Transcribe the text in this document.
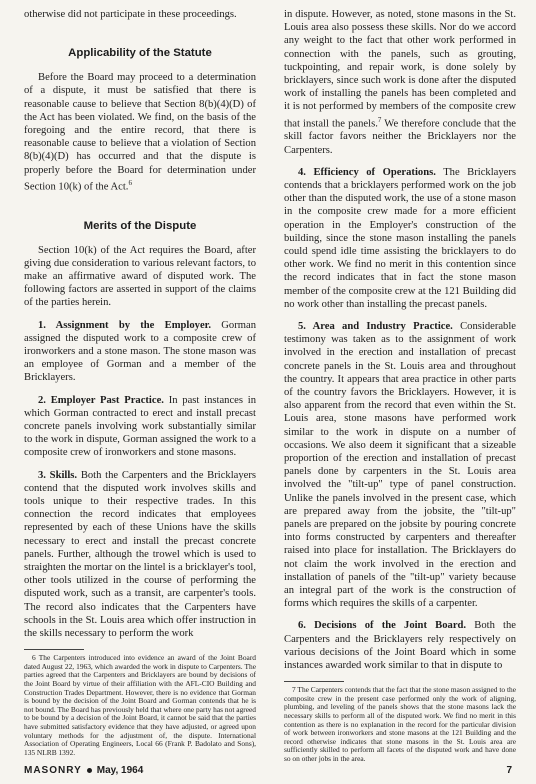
otherwise did not participate in these proceedings.

Applicability of the Statute

Before the Board may proceed to a determination of a dispute, it must be satisfied that there is reasonable cause to believe that Section 8(b)(4)(D) of the Act has been violated. We find, on the basis of the foregoing and the entire record, that there is reasonable cause to believe that a violation of Section 8(b)(4)(D) has occurred and that the dispute is properly before the Board for determination under Section 10(k) of the Act.$^6$

Merits of the Dispute

Section 10(k) of the Act requires the Board, after giving due consideration to various relevant factors, to make an affirmative award of disputed work. The following factors are asserted in support of the claims of the parties herein.

1. Assignment by the Employer. Gorman assigned the disputed work to a composite crew of ironworkers and a stone mason. The stone mason was an employee of Gorman and a member of the Bricklayers.

2. Employer Past Practice. In past instances in which Gorman contracted to erect and install precast concrete panels involving work substantially similar to the work in dispute, Gorman assigned the work to a composite crew of ironworkers and stone masons.

3. Skills. Both the Carpenters and the Bricklayers contend that the disputed work involves skills and tools unique to their respective trades. In this connection the record indicates that employees represented by each of these Unions have the skills necessary to erect and install the precast concrete panels. Further, although the trowel which is used to straighten the mortar on the lintel is a bricklayer's tool, other tools utilized in the course of performing the disputed work, such as a transit, are carpenter's tools. The record also indicates that the Carpenters have schools in the St. Louis area which offer instruction in the skills necessary to perform the work

6 The Carpenters introduced into evidence an award of the Joint Board dated August 22, 1963, which awarded the work in dispute to Carpenters. The parties agreed that the Carpenters and Bricklayers are bound by decisions of the Joint Board by virtue of their affiliation with the AFL-CIO Building and Construction Trades Department. However, there is no evidence that Gorman is bound by the decision of the Joint Board and Gorman contends that he is not bound. The Board has previously held that where one party has not agreed to be bound by a decision of the Joint Board, it cannot be said that the parties have submitted satisfactory evidence that they have adjusted, or agreed upon voluntary methods for the adjustment of, the dispute. International Association of Operating Engineers, Local 66 (Frank P. Badolato and Sons), 135 NLRB 1392.

in dispute. However, as noted, stone masons in the St. Louis area also possess these skills. Nor do we accord any weight to the fact that other work performed in connection with the panels, such as grouting, tuckpointing, and repair work, is done solely by bricklayers, since such work is done after the disputed work of installing the panels has been completed and it is not performed by members of the composite crew that install the panels.$^7$ We therefore conclude that the skill factor favors neither the Bricklayers nor the Carpenters.

4. Efficiency of Operations. The Bricklayers contends that a bricklayers performed work on the job other than the disputed work, the use of a stone mason in the composite crew made for a more efficient operation in the Employer's construction of the building, since the stone mason installing the panels could spend idle time assisting the bricklayers to do other work. We find no merit in this contention since the record indicates that in fact the stone mason member of the composite crew at the 121 Building did no work other than installing the precast panels.

5. Area and Industry Practice. Considerable testimony was taken as to the assignment of work involved in the erection and installation of precast concrete panels in the St. Louis area and throughout the country. It appears that area practice in other parts of the country favors the Bricklayers. However, it is also apparent from the record that even within the St. Louis area, stone masons have performed work similar to the work in dispute on a number of occasions. We also deem it significant that a sizeable proportion of the erection and installation of precast panels done by carpenters in the St. Louis area involved the "tilt-up" type of panel construction. Unlike the panels involved in the present case, which are prepared away from the jobsite, the "tilt-up" panels are prepared on the jobsite by pouring concrete into forms constructed by carpenters and thereafter raised into place for installation. The Bricklayers do not claim the work involved in the erection and installation of panels of the "tilt-up" variety because an integral part of the work is the construction of forms which requires the skills of a carpenter.

6. Decisions of the Joint Board. Both the Carpenters and the Bricklayers rely respectively on various decisions of the Joint Board which in some instances awarded work similar to that in dispute to

7 The Carpenters contends that the fact that the stone mason assigned to the composite crew in the present case performed only the work of aligning, plumbing, and leveling of the panels shows that the stone masons lack the necessary skills to perform all of the disputed work. We find no merit in this contention as there is no explanation in the record for the particular division of work between ironworkers and stone masons at the 121 Building and the record otherwise indicates that stone masons in the St. Louis area are sufficiently skilled to perform all facets of the disputed work and have done so on other jobs in the area.

MASONRY May, 1964	7
